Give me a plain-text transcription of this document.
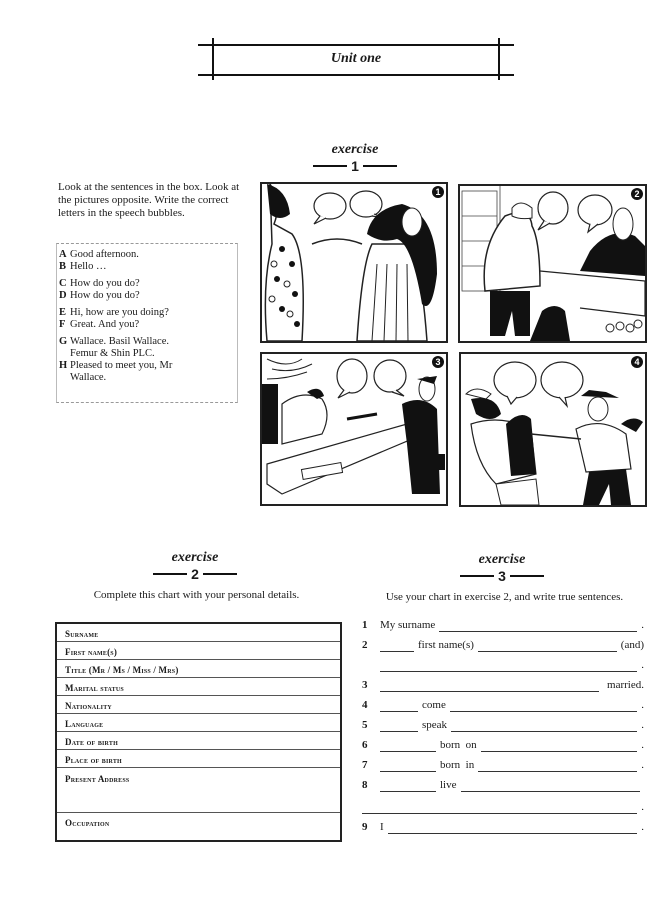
Unit one
exercise
1
Look at the sentences in the box. Look at the pictures opposite. Write the correct letters in the speech bubbles.
A Good afternoon.
B Hello …
C How do you do?
D How do you do?
E Hi, how are you doing?
F Great. And you?
G Wallace. Basil Wallace.
Femur & Shin PLC.
H Pleased to meet you, Mr
Wallace.
1	2
3	4
exercise
2
Complete this chart with your personal details.
Surname
First name(s)
Title (Mr / Ms / Miss / Mrs)
Marital status
Nationality
Language
Date of birth
Place of birth
Present Address
Occupation
exercise
3
Use your chart in exercise 2, and write true sentences.
1	My surname	.
2	first name(s)	(and)
.
3	married.
4	come	.
5	speak	.
6	born  on	.
7	born  in	.
8	live
.
9	I	.
